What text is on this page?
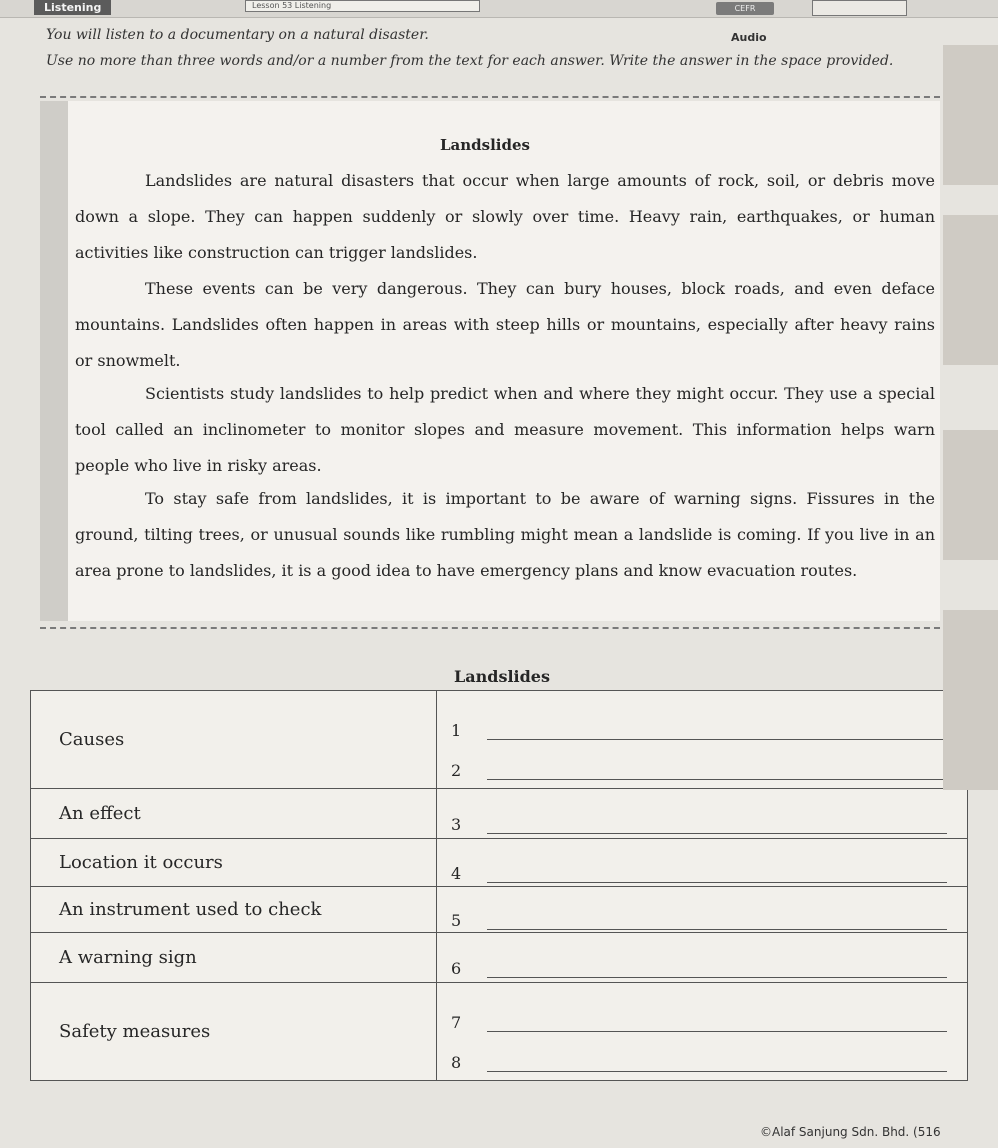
Listening	Lesson 53 Listening	CEFR
You will listen to a documentary on a natural disaster.	Audio
Use no more than three words and/or a number from the text for each answer. Write the answer in the space provided.
Landslides
Landslides are natural disasters that occur when large amounts of rock, soil, or debris move down a slope. They can happen suddenly or slowly over time. Heavy rain, earthquakes, or human activities like construction can trigger landslides.
These events can be very dangerous. They can bury houses, block roads, and even deface mountains. Landslides often happen in areas with steep hills or mountains, especially after heavy rains or snowmelt.
Scientists study landslides to help predict when and where they might occur. They use a special tool called an inclinometer to monitor slopes and measure movement. This information helps warn people who live in risky areas.
To stay safe from landslides, it is important to be aware of warning signs. Fissures in the ground, tilting trees, or unusual sounds like rumbling might mean a landslide is coming. If you live in an area prone to landslides, it is a good idea to have emergency plans and know evacuation routes.
Landslides
Causes	1
2

An effect	3

Location it occurs	4

An instrument used to check	5

A warning sign	6

Safety measures	7
8
©Alaf Sanjung Sdn. Bhd. (516
